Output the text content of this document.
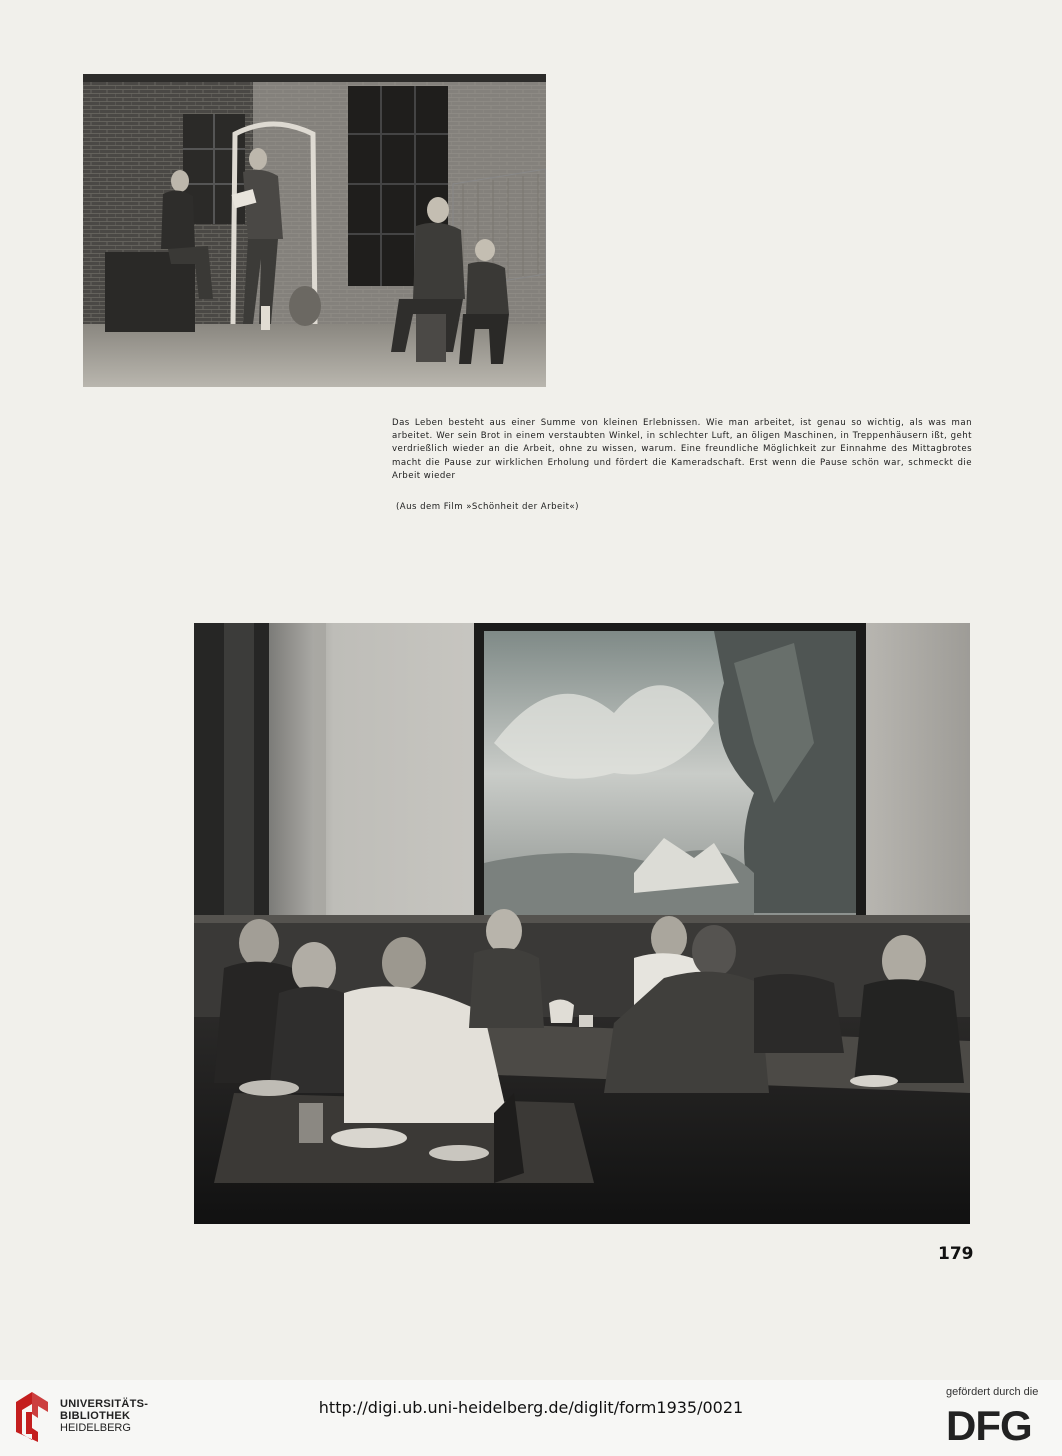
Das Leben besteht aus einer Summe von kleinen Erlebnissen. Wie man arbeitet, ist genau so wichtig, als was man arbeitet. Wer sein Brot in einem verstaubten Winkel, in schlechter Luft, an öligen Maschinen, in Treppenhäusern ißt, geht verdrießlich wieder an die Arbeit, ohne zu wissen, warum. Eine freundliche Möglichkeit zur Einnahme des Mittagbrotes macht die Pause zur wirklichen Erholung und fördert die Kameradschaft. Erst wenn die Pause schön war, schmeckt die Arbeit wieder

(Aus dem Film »Schönheit der Arbeit«)
179
UNIVERSITÄTS-
BIBLIOTHEK
HEIDELBERG
http://digi.ub.uni-heidelberg.de/diglit/form1935/0021
gefördert durch die
DFG
